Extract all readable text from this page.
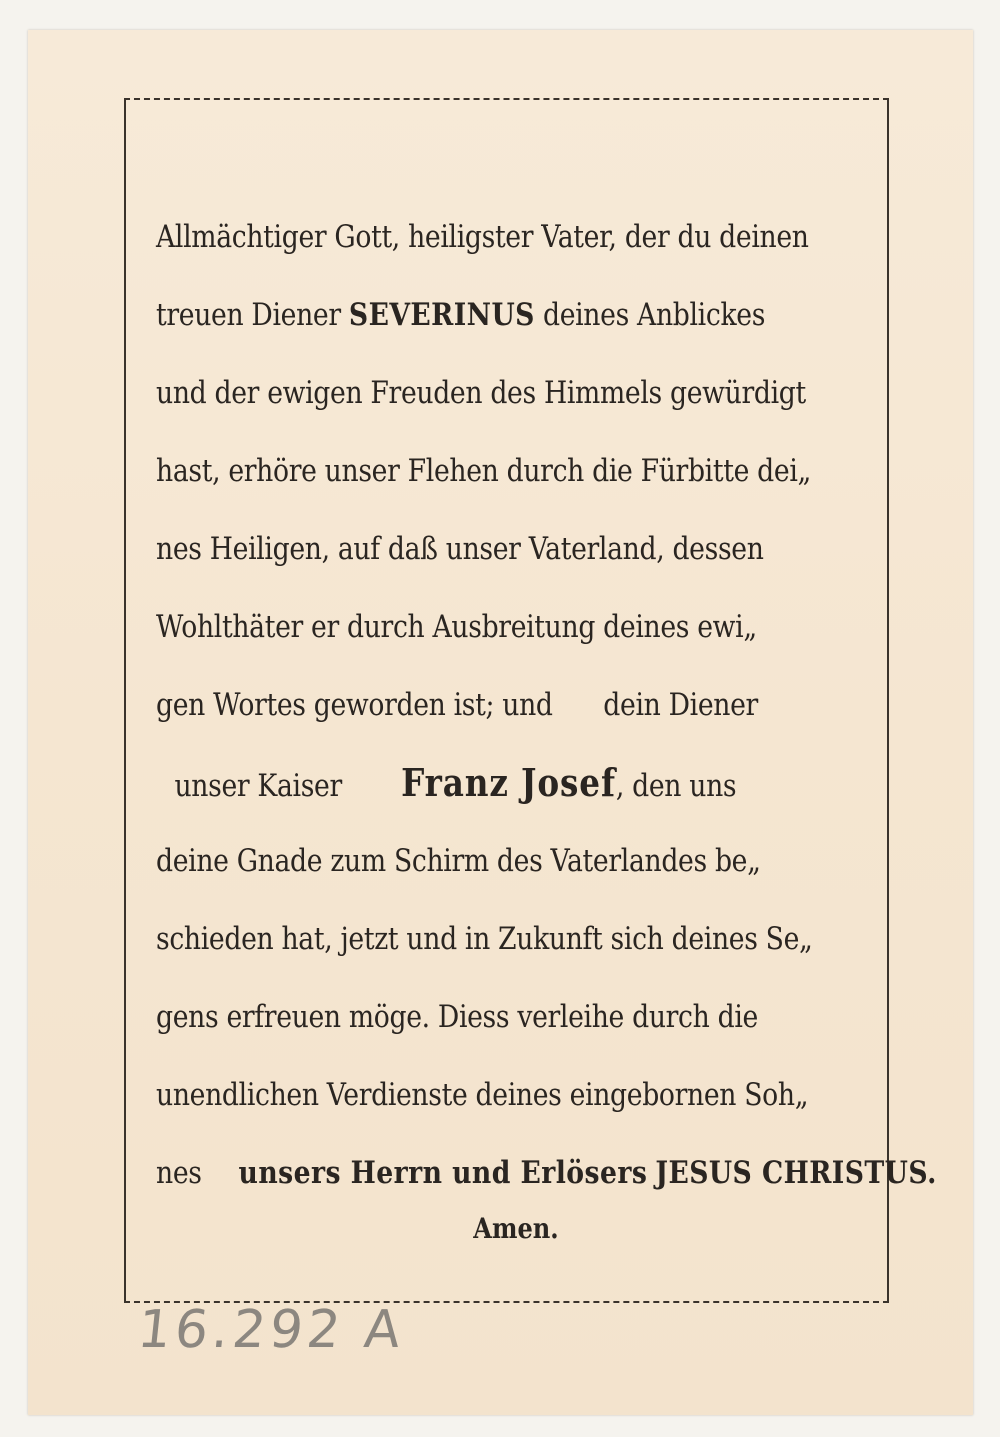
Allmächtiger Gott, heiligster Vater, der du deinen
treuen Diener SEVERINUS deines Anblickes
und der ewigen Freuden des Himmels gewürdigt
hast, erhöre unser Flehen durch die Fürbitte dei„
nes Heiligen, auf daß unser Vaterland, dessen
Wohlthäter er durch Ausbreitung deines ewi„
gen Wortes geworden ist; und dein Diener
unser Kaiser Franz Josef, den uns
deine Gnade zum Schirm des Vaterlandes be„
schieden hat, jetzt und in Zukunft sich deines Se„
gens erfreuen möge. Diess verleihe durch die
unendlichen Verdienste deines eingebornen Soh„
nes unsers Herrn und Erlösers JESUS CHRISTUS.
Amen.
16.292 A
